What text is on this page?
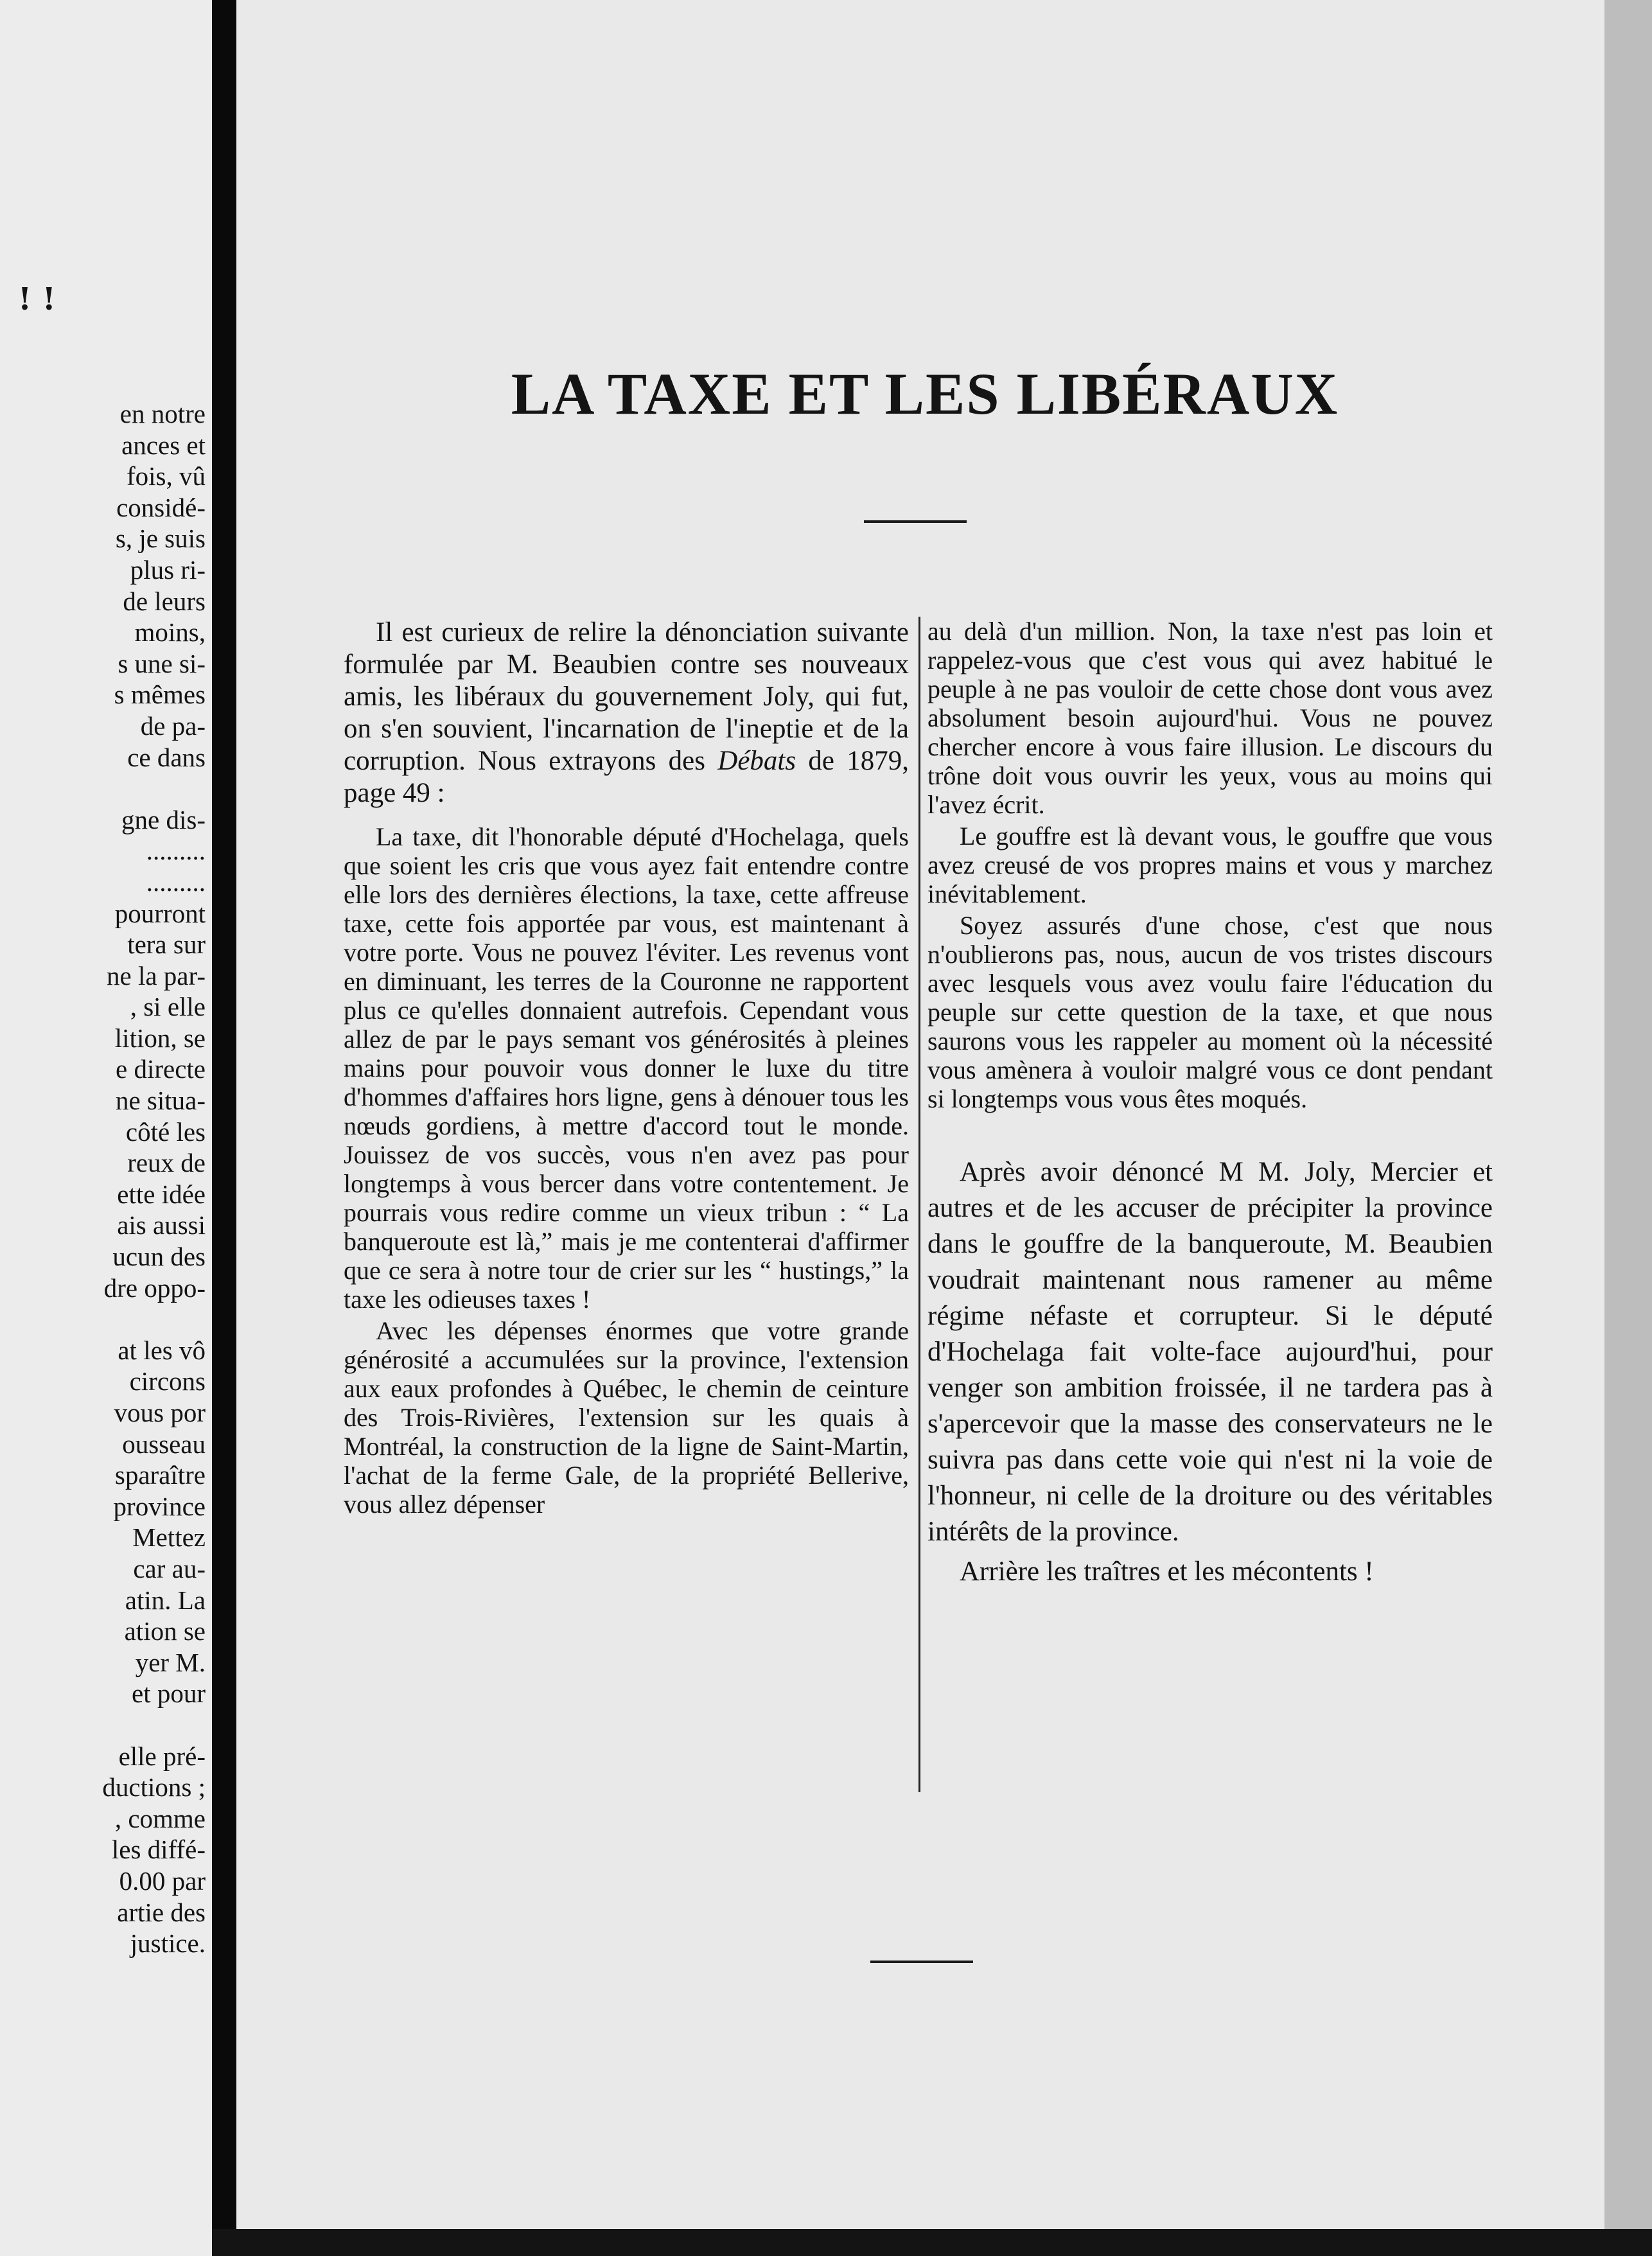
! !
en notre
ances et
fois, vû
considé-
s, je suis
plus ri-
de leurs
moins,
s une si-
s mêmes
de pa-
ce dans

gne dis-
.........
.........
pourront
tera sur
ne la par-
, si elle
lition, se
e directe
ne situa-
côté les
reux de
ette idée
ais aussi
ucun des
dre oppo-

at les vô
circons
vous por
ousseau
sparaître
province
Mettez
car au-
atin. La
ation se
yer M.
et pour

elle pré-
ductions ;
, comme
les diffé-
0.00 par
artie des
justice.
LA TAXE ET LES LIBÉRAUX

Il est curieux de relire la dénonciation suivante formulée par M. Beaubien contre ses nouveaux amis, les libéraux du gouvernement Joly, qui fut, on s'en souvient, l'incarnation de l'ineptie et de la corruption. Nous extrayons des Débats de 1879, page 49 :

La taxe, dit l'honorable député d'Hochelaga, quels que soient les cris que vous ayez fait entendre contre elle lors des dernières élections, la taxe, cette affreuse taxe, cette fois apportée par vous, est maintenant à votre porte. Vous ne pouvez l'éviter. Les revenus vont en diminuant, les terres de la Couronne ne rapportent plus ce qu'elles donnaient autrefois. Cependant vous allez de par le pays semant vos générosités à pleines mains pour pouvoir vous donner le luxe du titre d'hommes d'affaires hors ligne, gens à dénouer tous les nœuds gordiens, à mettre d'accord tout le monde. Jouissez de vos succès, vous n'en avez pas pour longtemps à vous bercer dans votre contentement. Je pourrais vous redire comme un vieux tribun : “ La banqueroute est là,” mais je me contenterai d'affirmer que ce sera à notre tour de crier sur les “ hustings,” la taxe les odieuses taxes !

Avec les dépenses énormes que votre grande générosité a accumulées sur la province, l'extension aux eaux profondes à Québec, le chemin de ceinture des Trois-Rivières, l'extension sur les quais à Montréal, la construction de la ligne de Saint-Martin, l'achat de la ferme Gale, de la propriété Bellerive, vous allez dépenser

au delà d'un million. Non, la taxe n'est pas loin et rappelez-vous que c'est vous qui avez habitué le peuple à ne pas vouloir de cette chose dont vous avez absolument besoin aujourd'hui. Vous ne pouvez chercher encore à vous faire illusion. Le discours du trône doit vous ouvrir les yeux, vous au moins qui l'avez écrit.

Le gouffre est là devant vous, le gouffre que vous avez creusé de vos propres mains et vous y marchez inévitablement.

Soyez assurés d'une chose, c'est que nous n'oublierons pas, nous, aucun de vos tristes discours avec lesquels vous avez voulu faire l'éducation du peuple sur cette question de la taxe, et que nous saurons vous les rappeler au moment où la nécessité vous amènera à vouloir malgré vous ce dont pendant si longtemps vous vous êtes moqués.

Après avoir dénoncé M M. Joly, Mercier et autres et de les accuser de précipiter la province dans le gouffre de la banqueroute, M. Beaubien voudrait maintenant nous ramener au même régime néfaste et corrupteur. Si le député d'Hochelaga fait volte-face aujourd'hui, pour venger son ambition froissée, il ne tardera pas à s'apercevoir que la masse des conservateurs ne le suivra pas dans cette voie qui n'est ni la voie de l'honneur, ni celle de la droiture ou des véritables intérêts de la province.

Arrière les traîtres et les mécontents !
